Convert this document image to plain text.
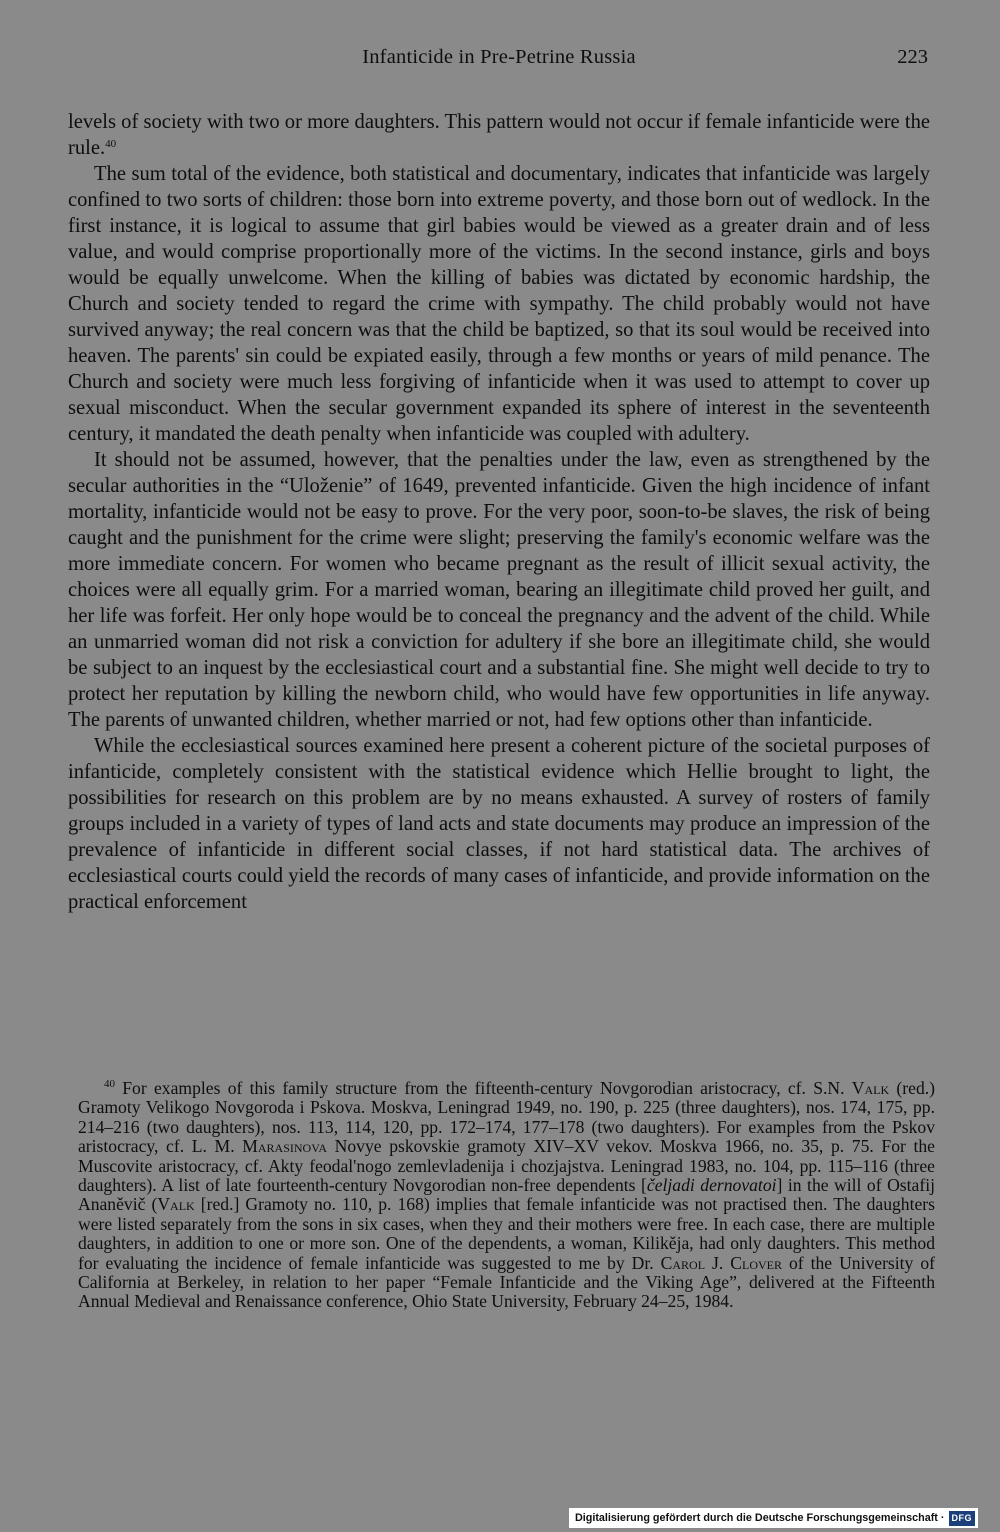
Infanticide in Pre-Petrine Russia	223

levels of society with two or more daughters. This pattern would not occur if female infanticide were the rule.$^{40}$

The sum total of the evidence, both statistical and documentary, indicates that infanticide was largely confined to two sorts of children: those born into extreme poverty, and those born out of wedlock. In the first instance, it is logical to assume that girl babies would be viewed as a greater drain and of less value, and would comprise proportionally more of the victims. In the second instance, girls and boys would be equally unwelcome. When the killing of babies was dictated by economic hardship, the Church and society tended to regard the crime with sympathy. The child probably would not have survived anyway; the real concern was that the child be baptized, so that its soul would be received into heaven. The parents' sin could be expiated easily, through a few months or years of mild penance. The Church and society were much less forgiving of infanticide when it was used to attempt to cover up sexual misconduct. When the secular government expanded its sphere of interest in the seventeenth century, it mandated the death penalty when infanticide was coupled with adultery.

It should not be assumed, however, that the penalties under the law, even as strengthened by the secular authorities in the “Uloženie” of 1649, prevented infanticide. Given the high incidence of infant mortality, infanticide would not be easy to prove. For the very poor, soon-to-be slaves, the risk of being caught and the punishment for the crime were slight; preserving the family's economic welfare was the more immediate concern. For women who became pregnant as the result of illicit sexual activity, the choices were all equally grim. For a married woman, bearing an illegitimate child proved her guilt, and her life was forfeit. Her only hope would be to conceal the pregnancy and the advent of the child. While an unmarried woman did not risk a conviction for adultery if she bore an illegitimate child, she would be subject to an inquest by the ecclesiastical court and a substantial fine. She might well decide to try to protect her reputation by killing the newborn child, who would have few opportunities in life anyway. The parents of unwanted children, whether married or not, had few options other than infanticide.

While the ecclesiastical sources examined here present a coherent picture of the societal purposes of infanticide, completely consistent with the statistical evidence which Hellie brought to light, the possibilities for research on this problem are by no means exhausted. A survey of rosters of family groups included in a variety of types of land acts and state documents may produce an impression of the prevalence of infanticide in different social classes, if not hard statistical data. The archives of ecclesiastical courts could yield the records of many cases of infanticide, and provide information on the practical enforcement

$^{40}$ For examples of this family structure from the fifteenth-century Novgorodian aristocracy, cf. S.N. Valk (red.) Gramoty Velikogo Novgoroda i Pskova. Moskva, Leningrad 1949, no. 190, p. 225 (three daughters), nos. 174, 175, pp. 214–216 (two daughters), nos. 113, 114, 120, pp. 172–174, 177–178 (two daughters). For examples from the Pskov aristocracy, cf. L. M. Marasinova Novye pskovskie gramoty XIV–XV vekov. Moskva 1966, no. 35, p. 75. For the Muscovite aristocracy, cf. Akty feodal'nogo zemlevladenija i chozjajstva. Leningrad 1983, no. 104, pp. 115–116 (three daughters). A list of late fourteenth-century Novgorodian non-free dependents [čeljadi dernovatoi] in the will of Ostafij Ananěvič (Valk [red.] Gramoty no. 110, p. 168) implies that female infanticide was not practised then. The daughters were listed separately from the sons in six cases, when they and their mothers were free. In each case, there are multiple daughters, in addition to one or more son. One of the dependents, a woman, Kilikěja, had only daughters. This method for evaluating the incidence of female infanticide was suggested to me by Dr. Carol J. Clover of the University of California at Berkeley, in relation to her paper “Female Infanticide and the Viking Age”, delivered at the Fifteenth Annual Medieval and Renaissance conference, Ohio State University, February 24–25, 1984.

Digitalisierung gefördert durch die Deutsche Forschungsgemeinschaft · DFG
